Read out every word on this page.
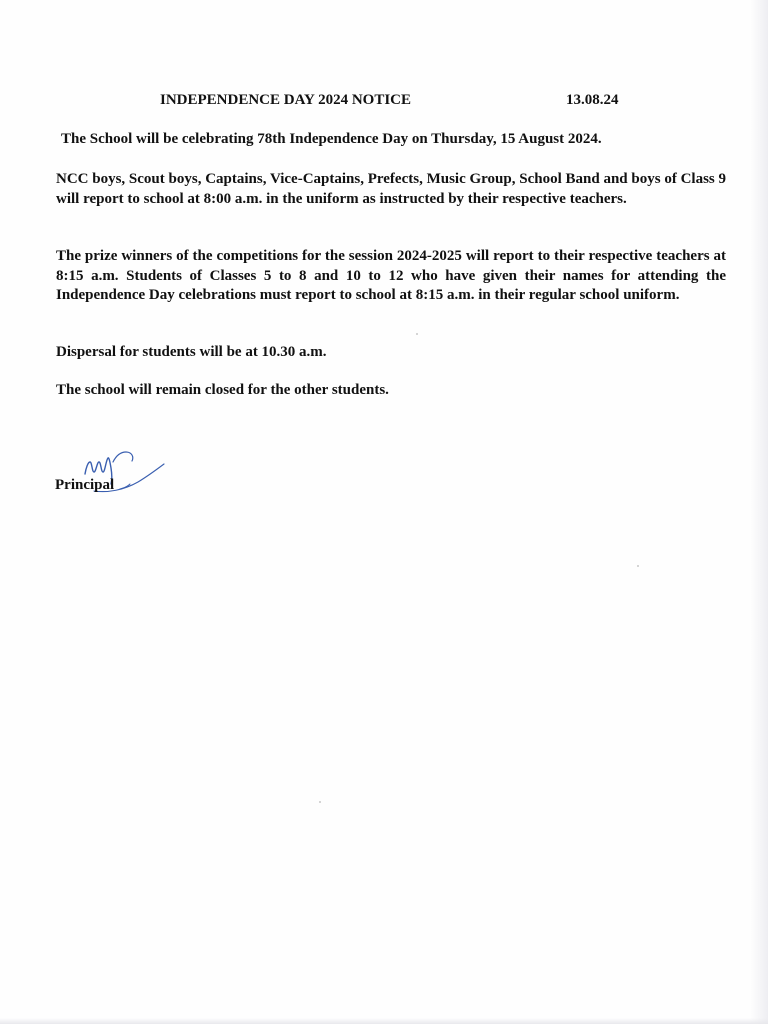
INDEPENDENCE DAY 2024 NOTICE	13.08.24

The School will be celebrating 78th Independence Day on Thursday, 15 August 2024.

NCC boys, Scout boys, Captains, Vice-Captains, Prefects, Music Group, School Band and boys of Class 9 will report to school at 8:00 a.m. in the uniform as instructed by their respective teachers.

The prize winners of the competitions for the session 2024-2025 will report to their respective teachers at 8:15 a.m. Students of Classes 5 to 8 and 10 to 12 who have given their names for attending the Independence Day celebrations must report to school at 8:15 a.m. in their regular school uniform.

Dispersal for students will be at 10.30 a.m.

The school will remain closed for the other students.

Principal
